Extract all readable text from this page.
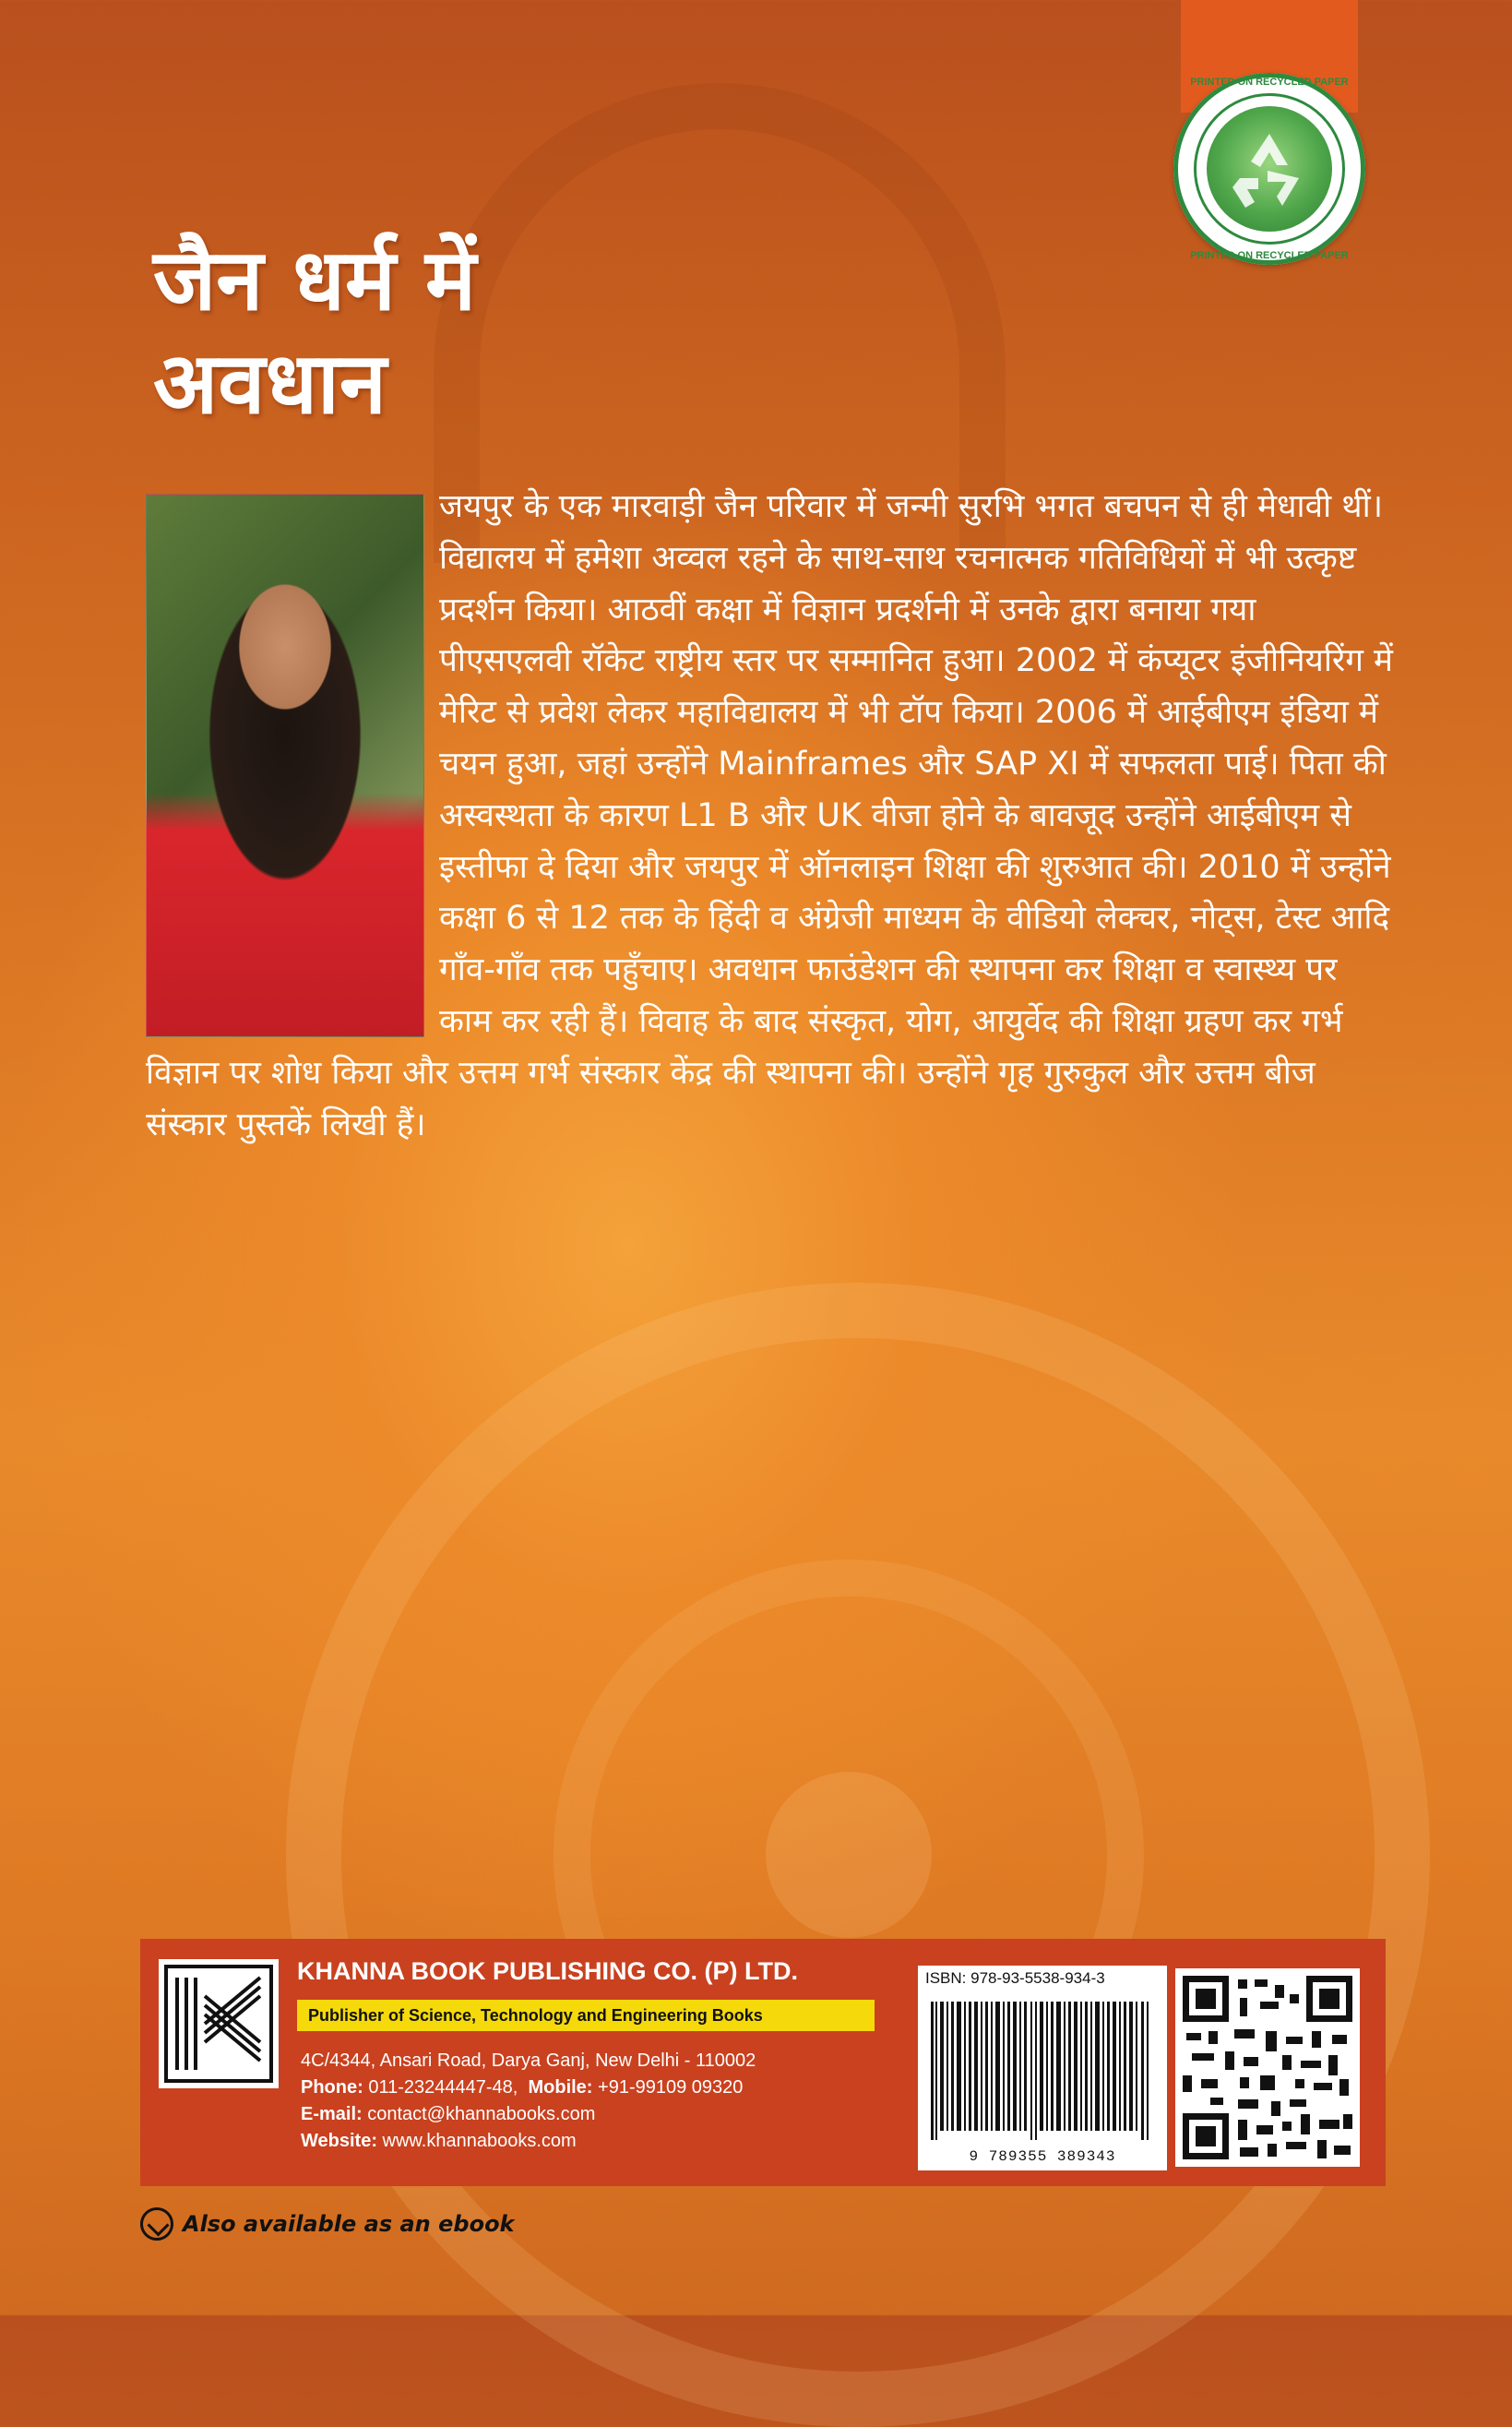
PRINTED ON RECYCLED PAPER
PRINTED ON RECYCLED PAPER
जैन धर्म में
अवधान

जयपुर के एक मारवाड़ी जैन परिवार में जन्मी सुरभि भगत बचपन से ही मेधावी थीं। विद्यालय में हमेशा अव्वल रहने के साथ-साथ रचनात्मक गतिविधियों में भी उत्कृष्ट प्रदर्शन किया। आठवीं कक्षा में विज्ञान प्रदर्शनी में उनके द्वारा बनाया गया पीएसएलवी रॉकेट राष्ट्रीय स्तर पर सम्मानित हुआ। 2002 में कंप्यूटर इंजीनियरिंग में मेरिट से प्रवेश लेकर महाविद्यालय में भी टॉप किया। 2006 में आईबीएम इंडिया में चयन हुआ, जहां उन्होंने Mainframes और SAP XI में सफलता पाई। पिता की अस्वस्थता के कारण L1 B और UK वीजा होने के बावजूद उन्होंने आईबीएम से इस्तीफा दे दिया और जयपुर में ऑनलाइन शिक्षा की शुरुआत की। 2010 में उन्होंने कक्षा 6 से 12 तक के हिंदी व अंग्रेजी माध्यम के वीडियो लेक्चर, नोट्स, टेस्ट आदि गाँव-गाँव तक पहुँचाए। अवधान फाउंडेशन की स्थापना कर शिक्षा व स्वास्थ्य पर काम कर रही हैं। विवाह के बाद संस्कृत, योग, आयुर्वेद की शिक्षा ग्रहण कर गर्भ विज्ञान पर शोध किया और उत्तम गर्भ संस्कार केंद्र की स्थापना की। उन्होंने गृह गुरुकुल और उत्तम बीज संस्कार पुस्तकें लिखी हैं।

KHANNA BOOK PUBLISHING CO. (P) LTD.

Publisher of Science, Technology and Engineering Books

4C/4344, Ansari Road, Darya Ganj, New Delhi - 110002
Phone: 011-23244447-48, Mobile: +91-99109 09320
E-mail: contact@khannabooks.com
Website: www.khannabooks.com

ISBN: 978-93-5538-934-3
9 789355 389343
Also available as an ebook
